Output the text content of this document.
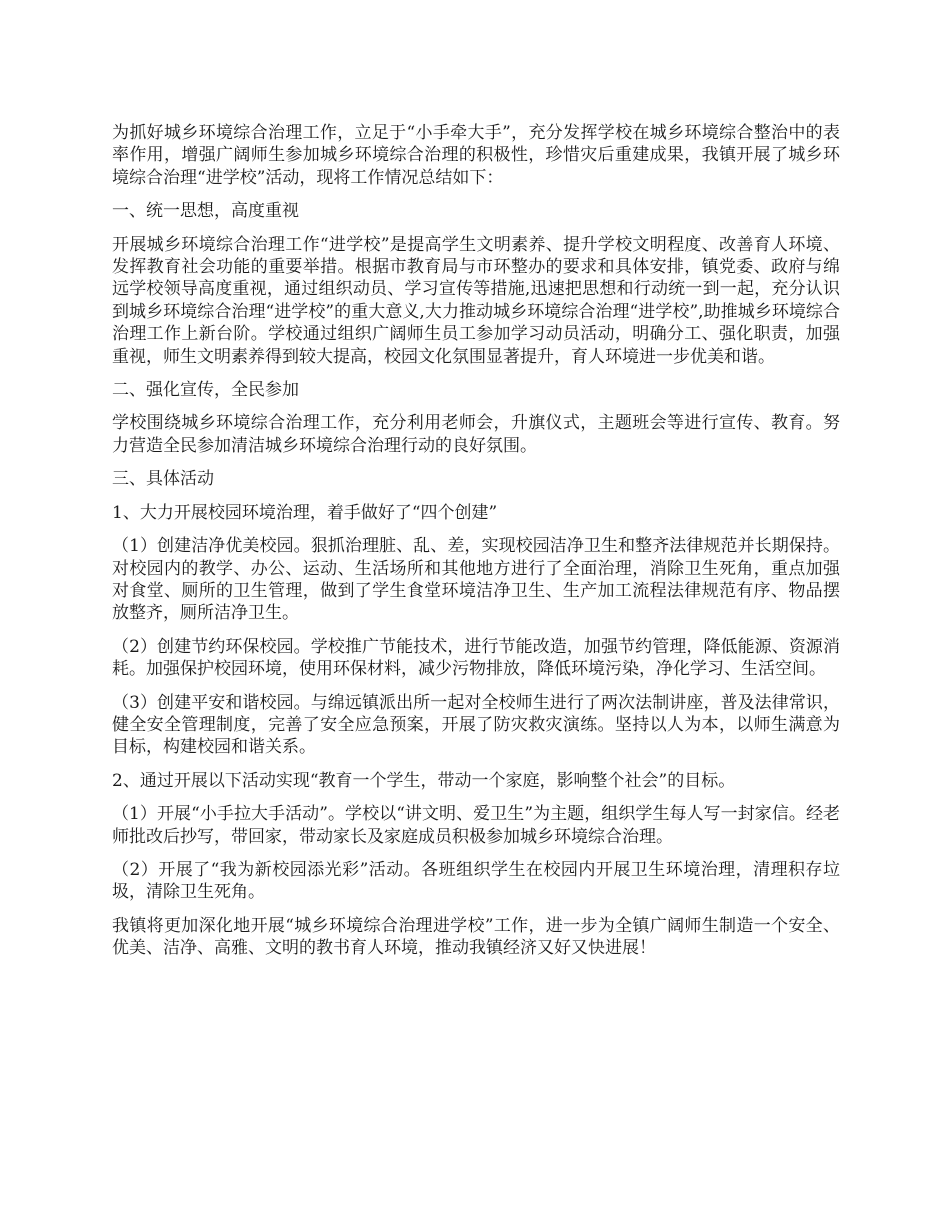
为抓好城乡环境综合治理工作，立足于“小手牵大手”，充分发挥学校在城乡环境综合整治中的表率作用，增强广阔师生参加城乡环境综合治理的积极性，珍惜灾后重建成果，我镇开展了城乡环境综合治理“进学校”活动，现将工作情况总结如下：

一、统一思想，高度重视

开展城乡环境综合治理工作“进学校”是提高学生文明素养、提升学校文明程度、改善育人环境、发挥教育社会功能的重要举措。根据市教育局与市环整办的要求和具体安排，镇党委、政府与绵远学校领导高度重视，通过组织动员、学习宣传等措施,迅速把思想和行动统一到一起，充分认识到城乡环境综合治理“进学校”的重大意义,大力推动城乡环境综合治理“进学校”,助推城乡环境综合治理工作上新台阶。学校通过组织广阔师生员工参加学习动员活动，明确分工、强化职责，加强重视，师生文明素养得到较大提高，校园文化氛围显著提升，育人环境进一步优美和谐。

二、强化宣传，全民参加

学校围绕城乡环境综合治理工作，充分利用老师会，升旗仪式，主题班会等进行宣传、教育。努力营造全民参加清洁城乡环境综合治理行动的良好氛围。

三、具体活动

1、大力开展校园环境治理，着手做好了“四个创建”

（1）创建洁净优美校园。狠抓治理脏、乱、差，实现校园洁净卫生和整齐法律规范并长期保持。对校园内的教学、办公、运动、生活场所和其他地方进行了全面治理，消除卫生死角，重点加强对食堂、厕所的卫生管理，做到了学生食堂环境洁净卫生、生产加工流程法律规范有序、物品摆放整齐，厕所洁净卫生。

（2）创建节约环保校园。学校推广节能技术，进行节能改造，加强节约管理，降低能源、资源消耗。加强保护校园环境，使用环保材料，减少污物排放，降低环境污染，净化学习、生活空间。

（3）创建平安和谐校园。与绵远镇派出所一起对全校师生进行了两次法制讲座，普及法律常识，健全安全管理制度，完善了安全应急预案，开展了防灾救灾演练。坚持以人为本，以师生满意为目标，构建校园和谐关系。

2、通过开展以下活动实现“教育一个学生，带动一个家庭，影响整个社会”的目标。

（1）开展“小手拉大手活动”。学校以“讲文明、爱卫生”为主题，组织学生每人写一封家信。经老师批改后抄写，带回家，带动家长及家庭成员积极参加城乡环境综合治理。

（2）开展了“我为新校园添光彩”活动。各班组织学生在校园内开展卫生环境治理，清理积存垃圾，清除卫生死角。

我镇将更加深化地开展“城乡环境综合治理进学校”工作，进一步为全镇广阔师生制造一个安全、优美、洁净、高雅、文明的教书育人环境，推动我镇经济又好又快进展！
